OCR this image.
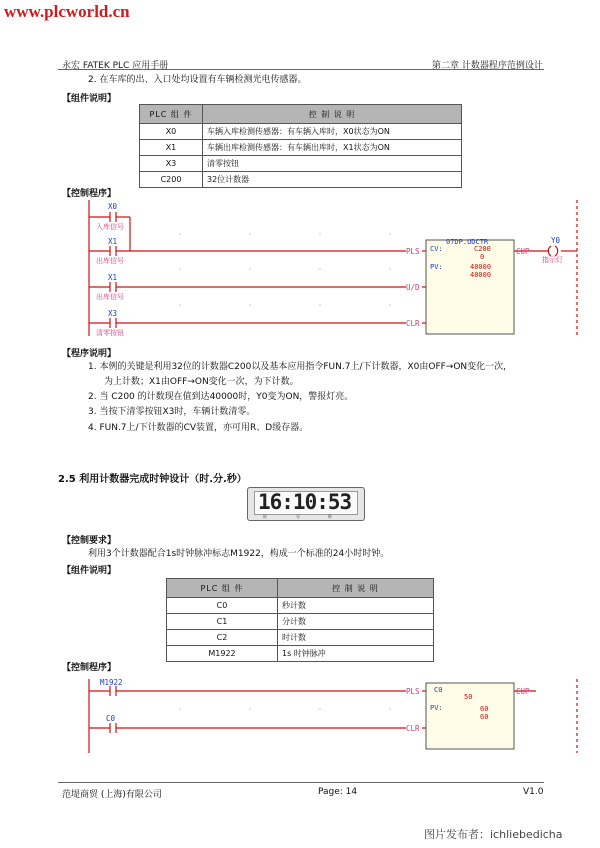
www.plcworld.cn
永宏 FATEK PLC 应用手册	第二章 计数器程序范例设计
2. 在车库的出、入口处均设置有车辆检测光电传感器。
【组件说明】
PLC 组 件	控 制 说 明
X0	车辆入库检测传感器：有车辆入库时，X0状态为ON
X1	车辆出库检测传感器：有车辆出库时，X1状态为ON
X3	清零按钮
C200	32位计数器
【控制程序】
07DP.UDCTR
CV:	C200
0
PV:	40000
40000
PLS
U/D
CLR
CUP
X0
入库信号
X1
出库信号
X1
出库信号
X3
清零按钮
Y0
指示灯
【程序说明】
1. 本例的关键是利用32位的计数器C200以及基本应用指令FUN.7上/下计数器，X0由OFF→ON变化一次，
为上计数；X1由OFF→ON变化一次，为下计数。
2. 当 C200 的计数现在值到达40000时，Y0变为ON，警报灯亮。
3. 当按下清零按钮X3时，车辆计数清零。
4. FUN.7上/下计数器的CV装置，亦可用R、D缓存器。
2.5 利用计数器完成时钟设计（时.分.秒）
16:10:53
时	分	秒
【控制要求】
利用3个计数器配合1s时钟脉冲标志M1922，构成一个标准的24小时时钟。
【组件说明】
PLC 组 件	控 制 说 明
C0	秒计数
C1	分计数
C2	时计数
M1922	1s 时钟脉冲
【控制程序】
C0
50
PV:	60
60
PLS
CLR
CUP
M1922
C0
范堤商贸 (上海)有限公司	Page: 14	V1.0
图片发布者：ichliebedicha
